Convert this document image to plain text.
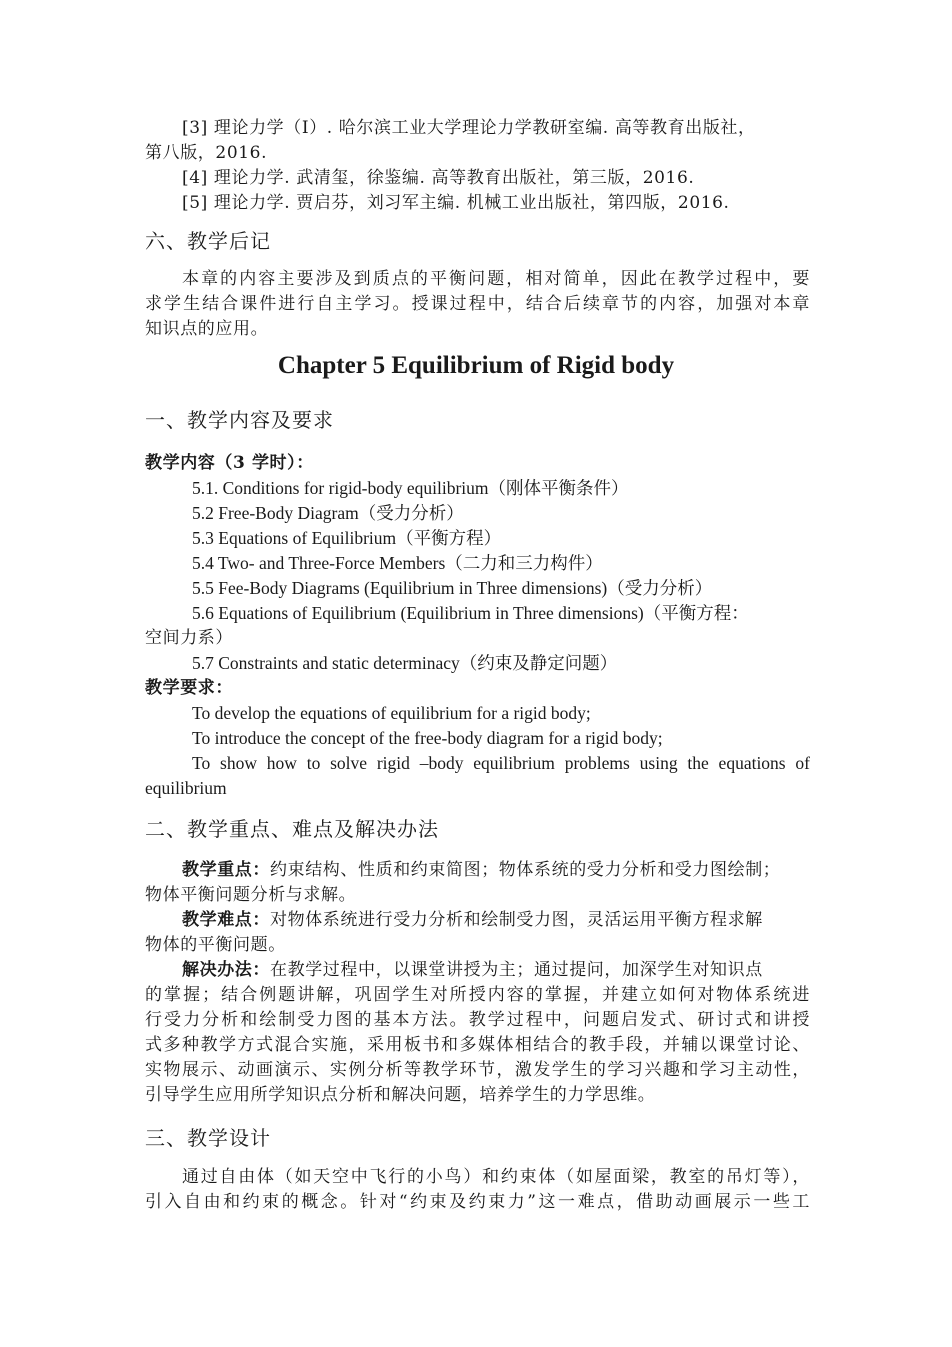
[3] 理论力学（I）. 哈尔滨工业大学理论力学教研室编. 高等教育出版社，
第八版，2016.
[4] 理论力学. 武清玺，徐鉴编. 高等教育出版社，第三版，2016.
[5] 理论力学. 贾启芬，刘习军主编. 机械工业出版社，第四版，2016.
六、教学后记
本章的内容主要涉及到质点的平衡问题，相对简单，因此在教学过程中，要
求学生结合课件进行自主学习。授课过程中，结合后续章节的内容，加强对本章
知识点的应用。
Chapter 5 Equilibrium of Rigid body
一、教学内容及要求
教学内容（3 学时）：
5.1. Conditions for rigid-body equilibrium（刚体平衡条件）
5.2 Free-Body Diagram（受力分析）
5.3 Equations of Equilibrium（平衡方程）
5.4 Two- and Three-Force Members（二力和三力构件）
5.5 Fee-Body Diagrams (Equilibrium in Three dimensions)（受力分析）
5.6 Equations of Equilibrium (Equilibrium in Three dimensions)（平衡方程：
空间力系）
5.7 Constraints and static determinacy（约束及静定问题）
教学要求：
To develop the equations of equilibrium for a rigid body;
To introduce the concept of the free-body diagram for a rigid body;
To show how to solve rigid –body equilibrium problems using the equations of
equilibrium
二、教学重点、难点及解决办法
教学重点：约束结构、性质和约束简图；物体系统的受力分析和受力图绘制；
物体平衡问题分析与求解。
教学难点：对物体系统进行受力分析和绘制受力图，灵活运用平衡方程求解
物体的平衡问题。
解决办法：在教学过程中，以课堂讲授为主；通过提问，加深学生对知识点
的掌握；结合例题讲解，巩固学生对所授内容的掌握，并建立如何对物体系统进
行受力分析和绘制受力图的基本方法。教学过程中，问题启发式、研讨式和讲授
式多种教学方式混合实施，采用板书和多媒体相结合的教手段，并辅以课堂讨论、
实物展示、动画演示、实例分析等教学环节，激发学生的学习兴趣和学习主动性，
引导学生应用所学知识点分析和解决问题，培养学生的力学思维。
三、教学设计
通过自由体（如天空中飞行的小鸟）和约束体（如屋面梁，教室的吊灯等），
引入自由和约束的概念。针对“约束及约束力”这一难点，借助动画展示一些工
